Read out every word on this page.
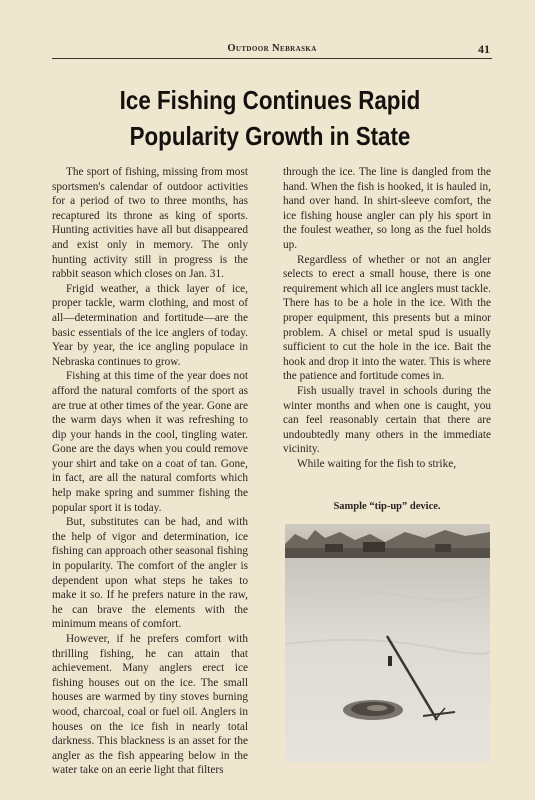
Outdoor Nebraska	41
Ice Fishing Continues Rapid
Popularity Growth in State

The sport of fishing, missing from most sportsmen's calendar of outdoor activities for a period of two to three months, has recaptured its throne as king of sports. Hunting activities have all but disappeared and exist only in memory. The only hunting activity still in progress is the rabbit season which closes on Jan. 31.

Frigid weather, a thick layer of ice, proper tackle, warm clothing, and most of all—determination and fortitude—are the basic essentials of the ice anglers of today. Year by year, the ice angling populace in Nebraska continues to grow.

Fishing at this time of the year does not afford the natural comforts of the sport as are true at other times of the year. Gone are the warm days when it was refreshing to dip your hands in the cool, tingling water. Gone are the days when you could remove your shirt and take on a coat of tan. Gone, in fact, are all the natural comforts which help make spring and summer fishing the popular sport it is today.

But, substitutes can be had, and with the help of vigor and determination, ice fishing can approach other seasonal fishing in popularity. The comfort of the angler is dependent upon what steps he takes to make it so. If he prefers nature in the raw, he can brave the elements with the minimum means of comfort.

However, if he prefers comfort with thrilling fishing, he can attain that achievement. Many anglers erect ice fishing houses out on the ice. The small houses are warmed by tiny stoves burning wood, charcoal, coal or fuel oil. Anglers in houses on the ice fish in nearly total darkness. This blackness is an asset for the angler as the fish appearing below in the water take on an eerie light that filters

through the ice. The line is dangled from the hand. When the fish is hooked, it is hauled in, hand over hand. In shirt-sleeve comfort, the ice fishing house angler can ply his sport in the foulest weather, so long as the fuel holds up.

Regardless of whether or not an angler selects to erect a small house, there is one requirement which all ice anglers must tackle. There has to be a hole in the ice. With the proper equipment, this presents but a minor problem. A chisel or metal spud is usually sufficient to cut the hole in the ice. Bait the hook and drop it into the water. This is where the patience and fortitude comes in.

Fish usually travel in schools during the winter months and when one is caught, you can feel reasonably certain that there are undoubtedly many others in the immediate vicinity.

While waiting for the fish to strike,

Sample “tip-up” device.
